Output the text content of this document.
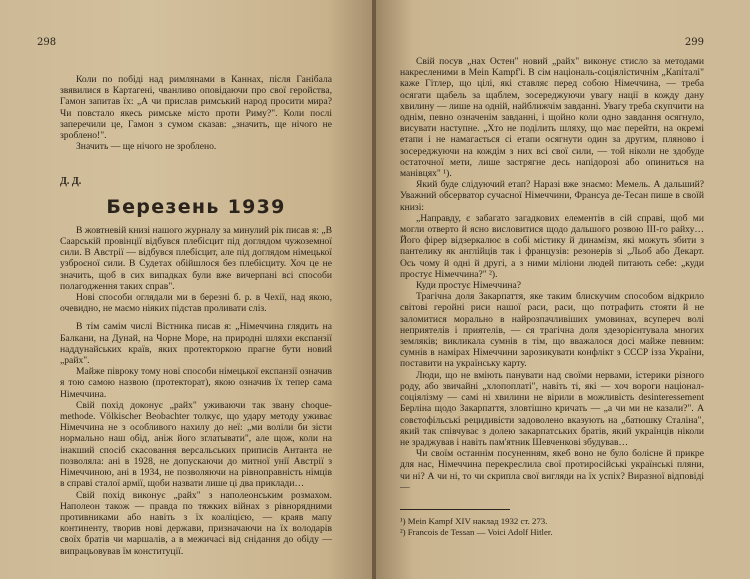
298

Коли по побіді над римлянами в Каннах, після Ганібала звявилися в Картагені, чванливо оповідаючи про свої геройства, Гамон запитав їх: „А чи прислав римський народ просити мира? Чи повстало якесь римське місто проти Риму?". Коли послі заперечили це, Гамон з сумом сказав: „значить, ще нічого не зроблено!".

Значить — ще нічого не зроблено.

Д. Д.

Березень 1939

В жовтневій книзі нашого журналу за минулий рік писав я: „В Саарській провінції відбувся плебісцит під доглядом чужоземної сили. В Австрії — відбувся плебісцит, але під доглядом німецької узброєної сили. В Судетах обійшлося без плебісциту. Хоч це не значить, щоб в сих випадках були вже вичерпані всі способи полагодження таких справ".

Нові способи оглядали ми в березні б. р. в Чехії, над якою, очевидно, не маємо ніяких підстав проливати сліз.

В тім самім числі Вістника писав я: „Німеччина глядить на Балкани, на Дунай, на Чорне Море, на природні шляхи експанзії наддунайських країв, яких протекторкою прагне бути новий „райх".

Майже півроку тому нові способи німецької експанзії означив я тою самою назвою (протекторат), якою означив їх тепер сама Німеччина.

Свій похід доконує „райх" уживаючи так звану choque-methode. Völkischer Beobachter толкує, що удару методу уживає Німеччина не з особливого нахилу до неї: „ми воліли би зісти нормально наш обід, аніж його зглатывати", але щож, коли на інакший спосіб скасовання версальських приписів Антанта не позволяла: ані в 1928, не допускаючи до митної унії Австрії з Німеччиною, ані в 1934, не позволяючи на рівноправність німців в справі сталої армії, щоби назвати лише ці два приклади…

Свій похід виконує „райх" з наполеонським розмахом. Наполеон також — правда по тяжких війнах з рівнорядними противниками або навіть з їх коаліцією, — краяв мапу континенту, творив нові держави, призначаючи на їх володарів своїх братів чи маршалів, а в межичасі від снідання до обіду — випрацьовував їм конституції.

299

Свій посув „нах Остен" новий „райх" виконує стисло за методами накресленими в Mein Kampf'і. В сім національ-соціялістичнім „Капіталі" каже Гітлер, що цілі, які ставляє перед собою Німеччина, — треба осягати щабель за щаблем, зосереджуючи увагу нації в кожду дану хвилину — лише на одній, найближчім завданні. Увагу треба скупчити на однім, певно означенім завданні, і щойно коли одно завдання осягнуло, висувати наступне. „Хто не поділить шляху, що має перейти, на окремі етапи і не намагається сі етапи осягнути один за другим, пляново і зосереджуючи на кождім з них всі свої сили, — той ніколи не здобуде остаточної мети, лише застрягне десь напідорозі або опиниться на манівцях" ¹).

Який буде слідуючий етап? Наразі вже знаємо: Мемель. А дальший? Уважний обсерватор сучасної Німеччини, Франсуа де-Тесан пише в своїй книзі:

„Направду, є забагато загадкових елементів в сій справі, щоб ми могли отверто й ясно висловитися щодо дальшого розвою ІІІ-го райху… Його фірер відзеркалює в собі містику й динамізм, які можуть збити з пантелику як англійців так і французів: резонерів зі „Льоб або Декарт. Ось чому й одні й другі, а з ними міліони людей питають себе: „куди простує Німеччина?" ²).

Куди простує Німеччина?

Трагічна доля Закарпаття, яке таким блискучим способом відкрило світові геройні риси нашої раси, раси, що потрафить стояти й не заломитися морально в найрозпачливіших умовинах, всупереч волі неприятелів і приятелів, — ся трагічна доля здезорієнтувала многих земляків; викликала сумнів в тім, що вважалося досі майже певним: сумнів в намірах Німеччини зарозикувати конфлікт з СССР ізза України, поставити на українську карту.

Люди, що не вміють панувати над своїми нервами, істерики різного роду, або звичайні „хлопоплаті", навіть ті, які — хоч вороги націонал-соціялізму — самі ні хвилини не вірили в можливість desinteressement Берліна щодо Закарпаття, зловтішно кричать — „а чи ми не казали?". А совєтофільські рецидивісти задоволено вказують на „батюшку Сталіна", який так співчуває з долею закарпатських братів, який українців ніколи не зраджував і навіть пам'ятник Шевченкові збудував…

Чи своїм останнім посуненням, якеб воно не було болісне й прикре для нас, Німеччина перекреслила свої протиросійські українські пляни, чи ні? А чи ні, то чи скрипла свої вигляди на їх успіх? Виразної відповіді —

¹) Mein Kampf XIV наклад 1932 ст. 273.

²) Francois de Tessan — Voici Adolf Hitler.
